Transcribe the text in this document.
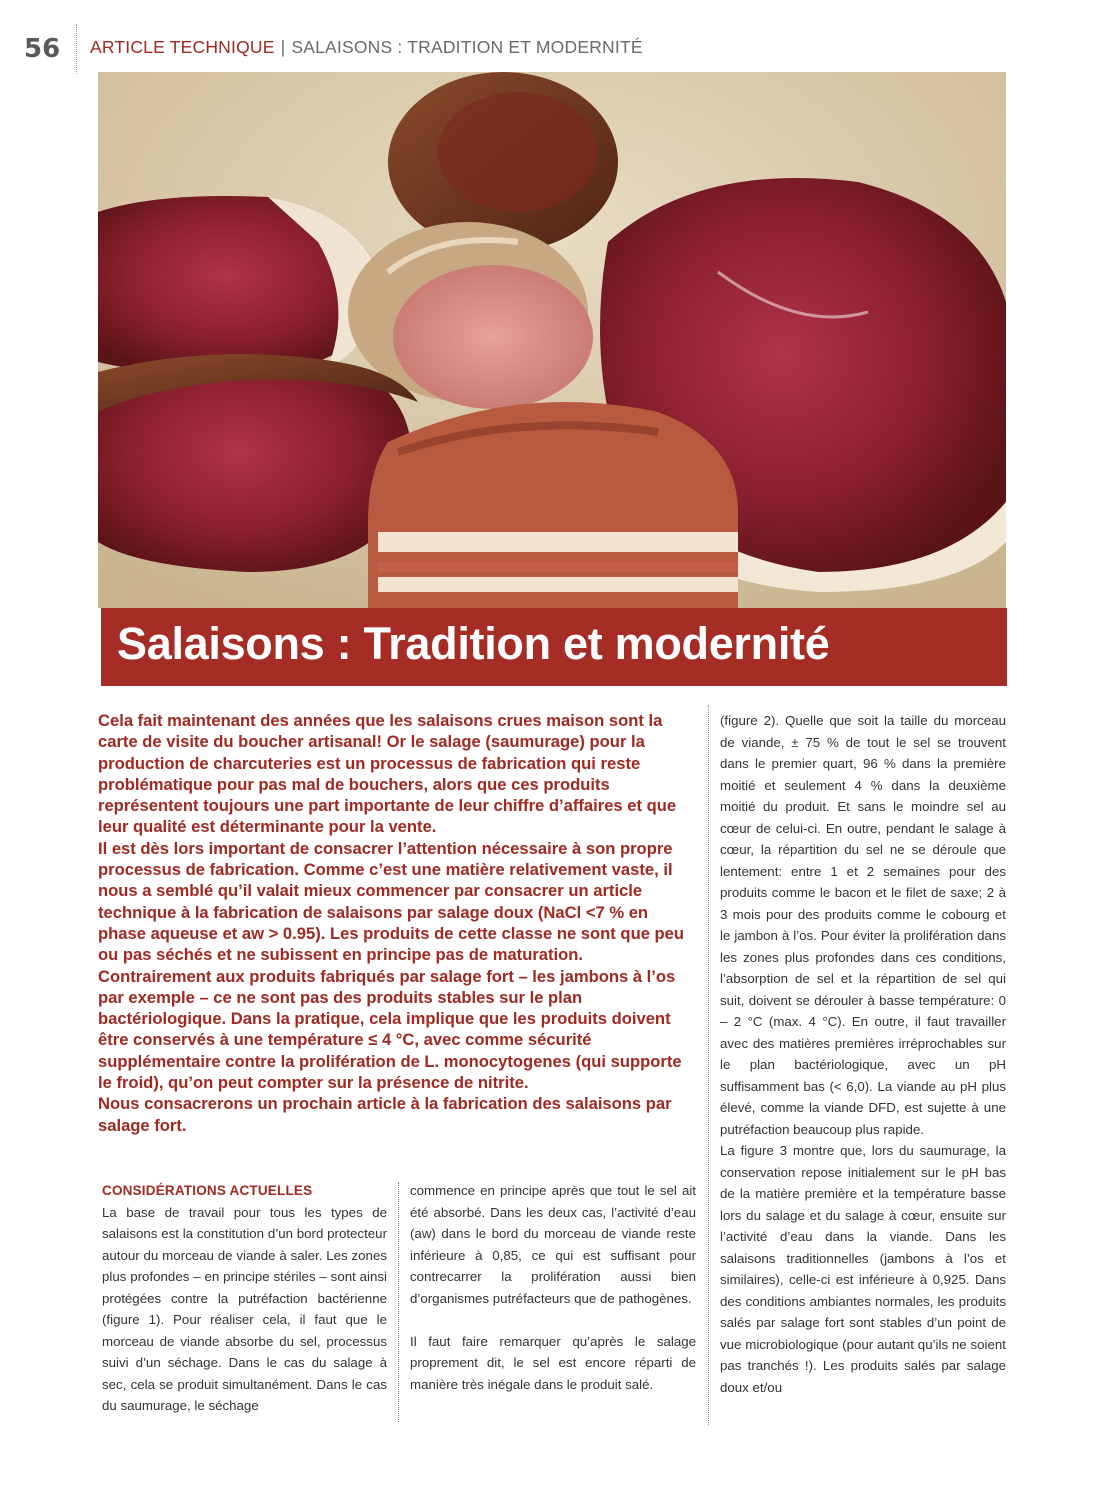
56 ARTICLE TECHNIQUE | SALAISONS : TRADITION ET MODERNITÉ
Salaisons : Tradition et modernité

Cela fait maintenant des années que les salaisons crues maison sont la carte de visite du boucher artisanal! Or le salage (saumurage) pour la production de charcuteries est un processus de fabrication qui reste problématique pour pas mal de bouchers, alors que ces produits représentent toujours une part importante de leur chiffre d’affaires et que leur qualité est déterminante pour la vente.

Il est dès lors important de consacrer l’attention nécessaire à son propre processus de fabrication. Comme c’est une matière relativement vaste, il nous a semblé qu’il valait mieux commencer par consacrer un article technique à la fabrication de salaisons par salage doux (NaCl <7 % en phase aqueuse et aw > 0.95). Les produits de cette classe ne sont que peu ou pas séchés et ne subissent en principe pas de maturation. Contrairement aux produits fabriqués par salage fort – les jambons à l’os par exemple – ce ne sont pas des produits stables sur le plan bactériologique. Dans la pratique, cela implique que les produits doivent être conservés à une température ≤ 4 °C, avec comme sécurité supplémentaire contre la prolifération de L. monocytogenes (qui supporte le froid), qu’on peut compter sur la présence de nitrite.

Nous consacrerons un prochain article à la fabrication des salaisons par salage fort.

CONSIDÉRATIONS ACTUELLES

La base de travail pour tous les types de salaisons est la constitution d’un bord protecteur autour du morceau de viande à saler. Les zones plus profondes – en principe stériles – sont ainsi protégées contre la putréfaction bactérienne (figure 1). Pour réaliser cela, il faut que le morceau de viande absorbe du sel, processus suivi d’un séchage. Dans le cas du salage à sec, cela se produit simultanément. Dans le cas du saumurage, le séchage

commence en principe après que tout le sel ait été absorbé. Dans les deux cas, l’activité d’eau (aw) dans le bord du morceau de viande reste inférieure à 0,85, ce qui est suffisant pour contrecarrer la prolifération aussi bien d’organismes putréfacteurs que de pathogènes.

Il faut faire remarquer qu’après le salage proprement dit, le sel est encore réparti de manière très inégale dans le produit salé.

(figure 2). Quelle que soit la taille du morceau de viande, ± 75 % de tout le sel se trouvent dans le premier quart, 96 % dans la première moitié et seulement 4 % dans la deuxième moitié du produit. Et sans le moindre sel au cœur de celui-ci. En outre, pendant le salage à cœur, la répartition du sel ne se déroule que lentement: entre 1 et 2 semaines pour des produits comme le bacon et le filet de saxe; 2 à 3 mois pour des produits comme le cobourg et le jambon à l’os. Pour éviter la prolifération dans les zones plus profondes dans ces conditions, l’absorption de sel et la répartition de sel qui suit, doivent se dérouler à basse température: 0 – 2 °C (max. 4 °C). En outre, il faut travailler avec des matières premières irréprochables sur le plan bactériologique, avec un pH suffisamment bas (< 6,0). La viande au pH plus élevé, comme la viande DFD, est sujette à une putréfaction beaucoup plus rapide.

La figure 3 montre que, lors du saumurage, la conservation repose initialement sur le pH bas de la matière première et la température basse lors du salage et du salage à cœur, ensuite sur l’activité d’eau dans la viande. Dans les salaisons traditionnelles (jambons à l’os et similaires), celle-ci est inférieure à 0,925. Dans des conditions ambiantes normales, les produits salés par salage fort sont stables d’un point de vue microbiologique (pour autant qu’ils ne soient pas tranchés !). Les produits salés par salage doux et/ou
